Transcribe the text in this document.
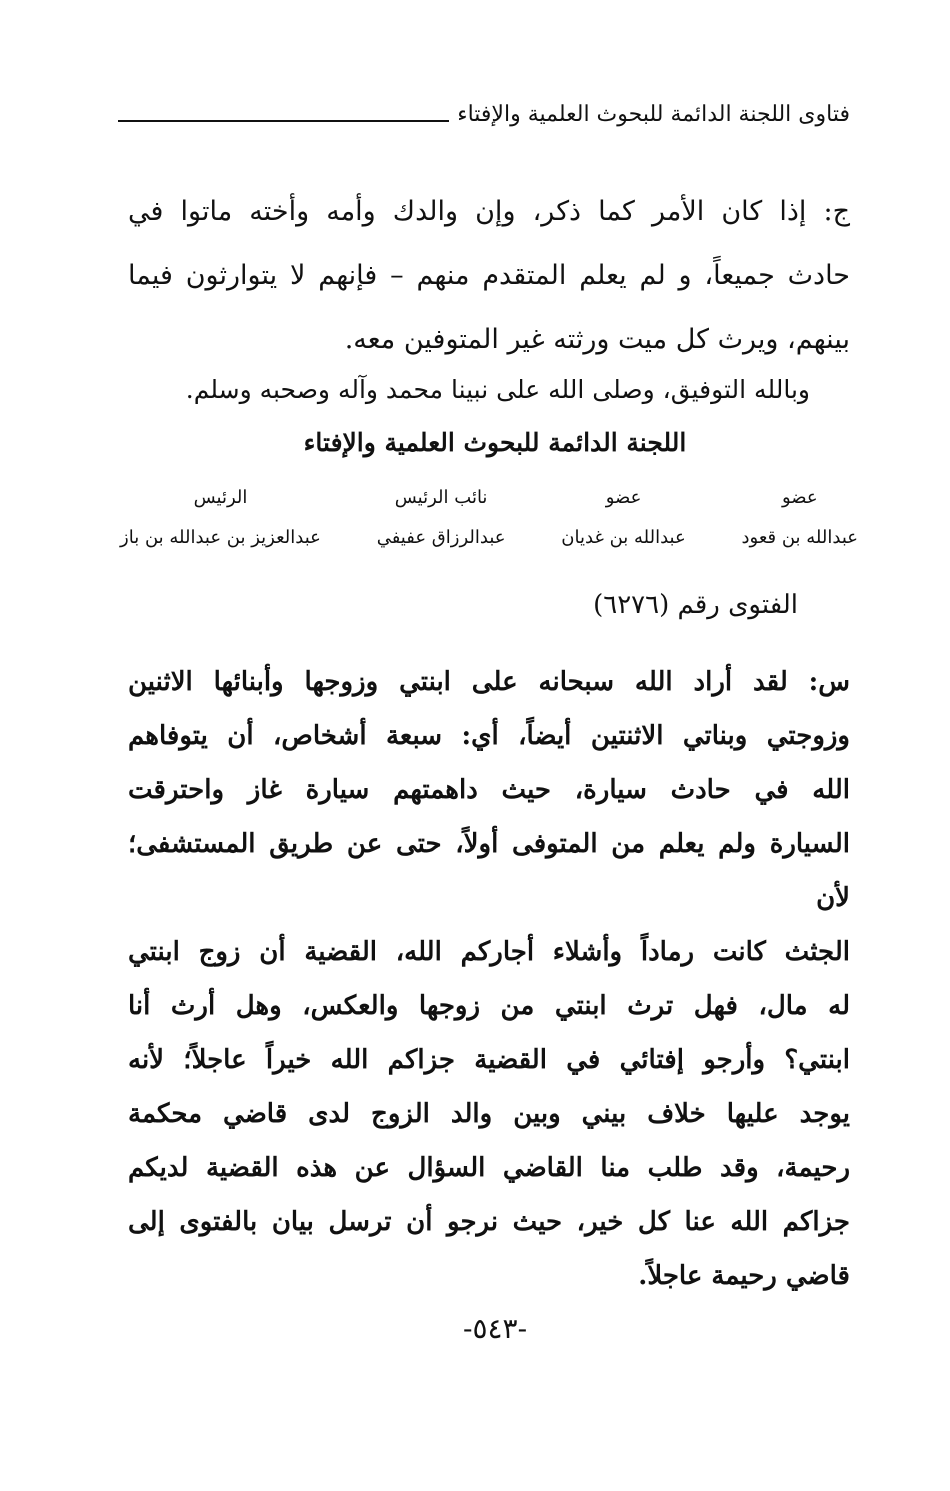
فتاوى اللجنة الدائمة للبحوث العلمية والإفتاء
ج: إذا كان الأمر كما ذكر، وإن والدك وأمه وأخته ماتوا في
حادث جميعاً، و لم يعلم المتقدم منهم – فإنهم لا يتوارثون فيما
بينهم، ويرث كل ميت ورثته غير المتوفين معه.
وبالله التوفيق، وصلى الله على نبينا محمد وآله وصحبه وسلم.
اللجنة الدائمة للبحوث العلمية والإفتاء
عضو
عبدالله بن قعود
عضو
عبدالله بن غديان
نائب الرئيس
عبدالرزاق عفيفي
الرئيس
عبدالعزيز بن عبدالله بن باز
الفتوى رقم (٦٢٧٦)
س: لقد أراد الله سبحانه على ابنتي وزوجها وأبنائها الاثنين
وزوجتي وبناتي الاثنتين أيضاً، أي: سبعة أشخاص، أن يتوفاهم
الله في حادث سيارة، حيث داهمتهم سيارة غاز واحترقت
السيارة ولم يعلم من المتوفى أولاً، حتى عن طريق المستشفى؛ لأن
الجثث كانت رماداً وأشلاء أجاركم الله، القضية أن زوج ابنتي
له مال، فهل ترث ابنتي من زوجها والعكس، وهل أرث أنا
ابنتي؟ وأرجو إفتائي في القضية جزاكم الله خيراً عاجلاً؛ لأنه
يوجد عليها خلاف بيني وبين والد الزوج لدى قاضي محكمة
رحيمة، وقد طلب منا القاضي السؤال عن هذه القضية لديكم
جزاكم الله عنا كل خير، حيث نرجو أن ترسل بيان بالفتوى إلى
قاضي رحيمة عاجلاً.
-٥٤٣-
